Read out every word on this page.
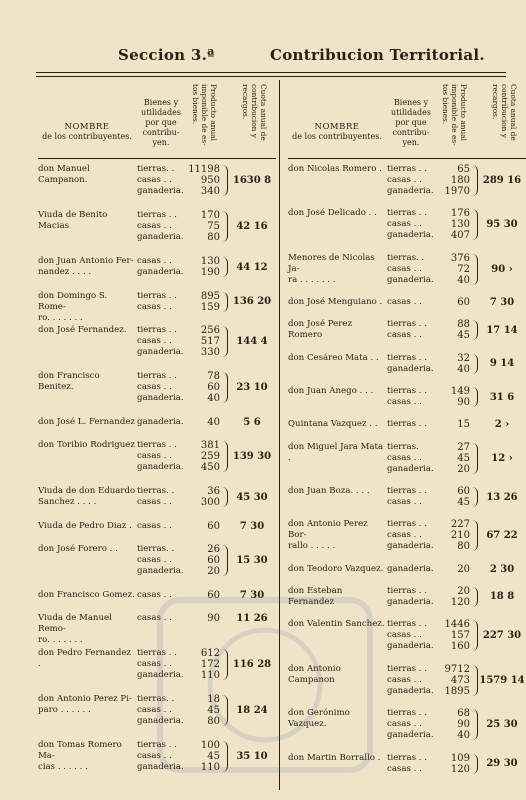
Seccion 3.ª	Contribucion Territorial.
NOMBRE
de los contribuyentes.
Bienes y
utilidades
por que
contribu-
yen.
Producto anual
imponible de es-
tos bienes.	Cuota anual de
contribucion y
recargos.
don Manuel Campanon.
tierras. .	11198
casas . .	950
ganaderia.	340
1630 8
Viuda de Benito Macias
tierras . .	170
casas . .	75
ganaderia.	80
42 16
don Juan Antonio Fer-
nandez . . . .
casas . .	130
ganaderia.	190	44 12
don Domingo S. Rome-
ro. . . . . . .
tierras . .	895
casas . .	159	136 20
don José Fernandez.	tierras . .	256
casas . .	517
ganaderia.	330
144 4
don Francisco Benitez.
tierras . .	78
casas . .	60
ganaderia.	40
23 10
don José L. Fernandez ganaderia.	40	5 6
don Toribio Rodriguez tierras . .	381
casas . .	259
ganaderia.	450
139 30
Viuda de don Eduardo
Sanchez . . . .
tierras. .	36
casas . .	300	45 30
Viuda de Pedro Diaz . casas . .	60	7 30
don José Forero . .	tierras. .	26
casas . .	60
ganaderia.	20
15 30
don Francisco Gomez. casas . .	60	7 30
Viuda de Manuel Remo-
ro. . . . . . .
casas . .	90	11 26
don Pedro Fernandez .
tierras . .	612
casas . .	172
ganaderia.	110
116 28
don Antonio Perez Pi-
paro . . . . . .
tierras. .	18
casas . .	45
ganaderia.	80
18 24
don Tomas Romero Ma-
cias . . . . . .
tierras . .	100
casas . .	45
ganaderia.	110
35 10
NOMBRE
de los contribuyentes.
Bienes y
utilidades
por que
contribu-
yen.
Producto anual
imponible de es-
tos bienes.	Cuota anual de
contribucion y
recargos.
don Nicolas Romero . tierras . .	65
casas . .	180
ganaderia.	1970
289 16
don José Delicado . .	tierras . .	176
casas . .	130
ganaderia.	407
95 30
Menores de Nicolas Ja-
ra . . . . . . .
tierras. .	376
casas . .	72
ganaderia.	40
90 ›
don José Menguiano . casas . .	60	7 30
don José Perez Romero
tierras . .	88
casas . .	45	17 14
don Cesáreo Mata . . tierras . .	32
ganaderia.	40	9 14
don Juan Anego . . .	tierras . .	149
casas . .	90	31 6
Quintana Vazquez . .	tierras . .	15	2 ›
don Miguel Jara Mata .
tierras.	27
casas . .	45
ganaderia.	20
12 ›
don Juan Boza. . . .	tierras . .	60
casas . .	45	13 26
don Antonio Perez Bor-
rallo . . . . .
tierras . .	227
casas . .	210
ganaderia.	80
67 22
don Teodoro Vazquez. ganaderia.	20	2 30
don Esteban Fernandez
tierras . .	20
ganaderia.	120	18 8
don Valentin Sanchez. tierras . .	1446
casas . .	157
ganaderia.	160
227 30
don Antonio Campanon
tierras . .	9712
casas . .	473
ganaderia.	1895
1579 14
don Gerónimo Vazquez.
tierras . .	68
casas . .	90
ganaderia.	40
25 30
don Martin Borrallo . tierras . .	109
casas . .	120	29 30
